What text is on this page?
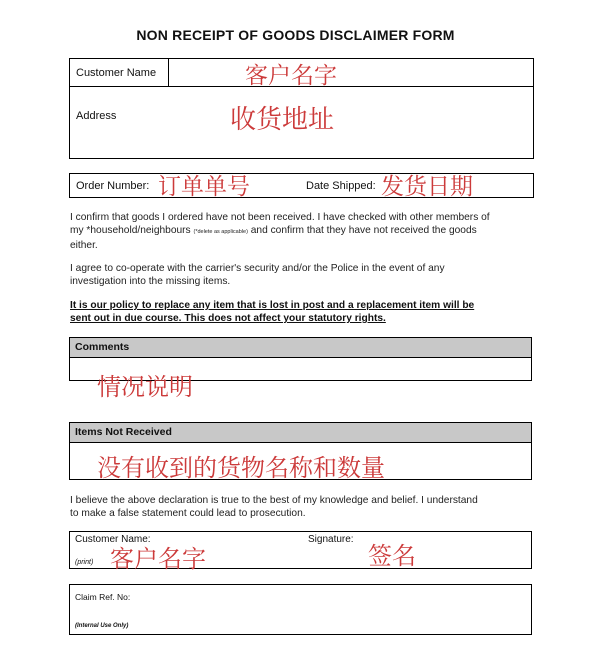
NON RECEIPT OF GOODS DISCLAIMER FORM
Customer Name	客户名字
Address	收货地址
Order Number: 订单单号	Date Shipped: 发货日期
I confirm that goods I ordered have not been received. I have checked with other members of
my *household/neighbours (*delete as applicable) and confirm that they have not received the goods
either.
I agree to co-operate with the carrier's security and/or the Police in the event of any
investigation into the missing items.
It is our policy to replace any item that is lost in post and a replacement item will be
sent out in due course. This does not affect your statutory rights.
Comments
情况说明
Items Not Received
没有收到的货物名称和数量
I believe the above declaration is true to the best of my knowledge and belief. I understand
to make a false statement could lead to prosecution.
Customer Name:
(print) 客户名字
Signature:
签名
Claim Ref. No:
(Internal Use Only)
